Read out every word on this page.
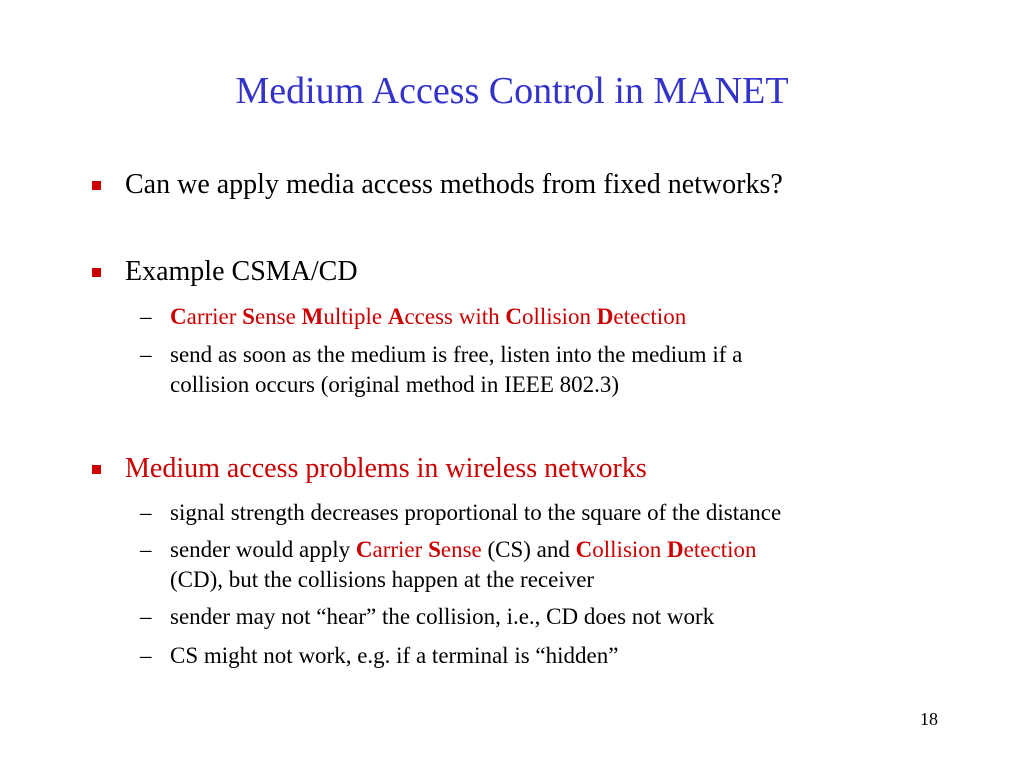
Medium Access Control in MANET
Can we apply media access methods from fixed networks?
Example CSMA/CD
– Carrier Sense Multiple Access with Collision Detection
– send as soon as the medium is free, listen into the medium if a
collision occurs (original method in IEEE 802.3)
Medium access problems in wireless networks
– signal strength decreases proportional to the square of the distance
– sender would apply Carrier Sense (CS) and Collision Detection
(CD), but the collisions happen at the receiver
– sender may not “hear” the collision, i.e., CD does not work
– CS might not work, e.g. if a terminal is “hidden”
18
